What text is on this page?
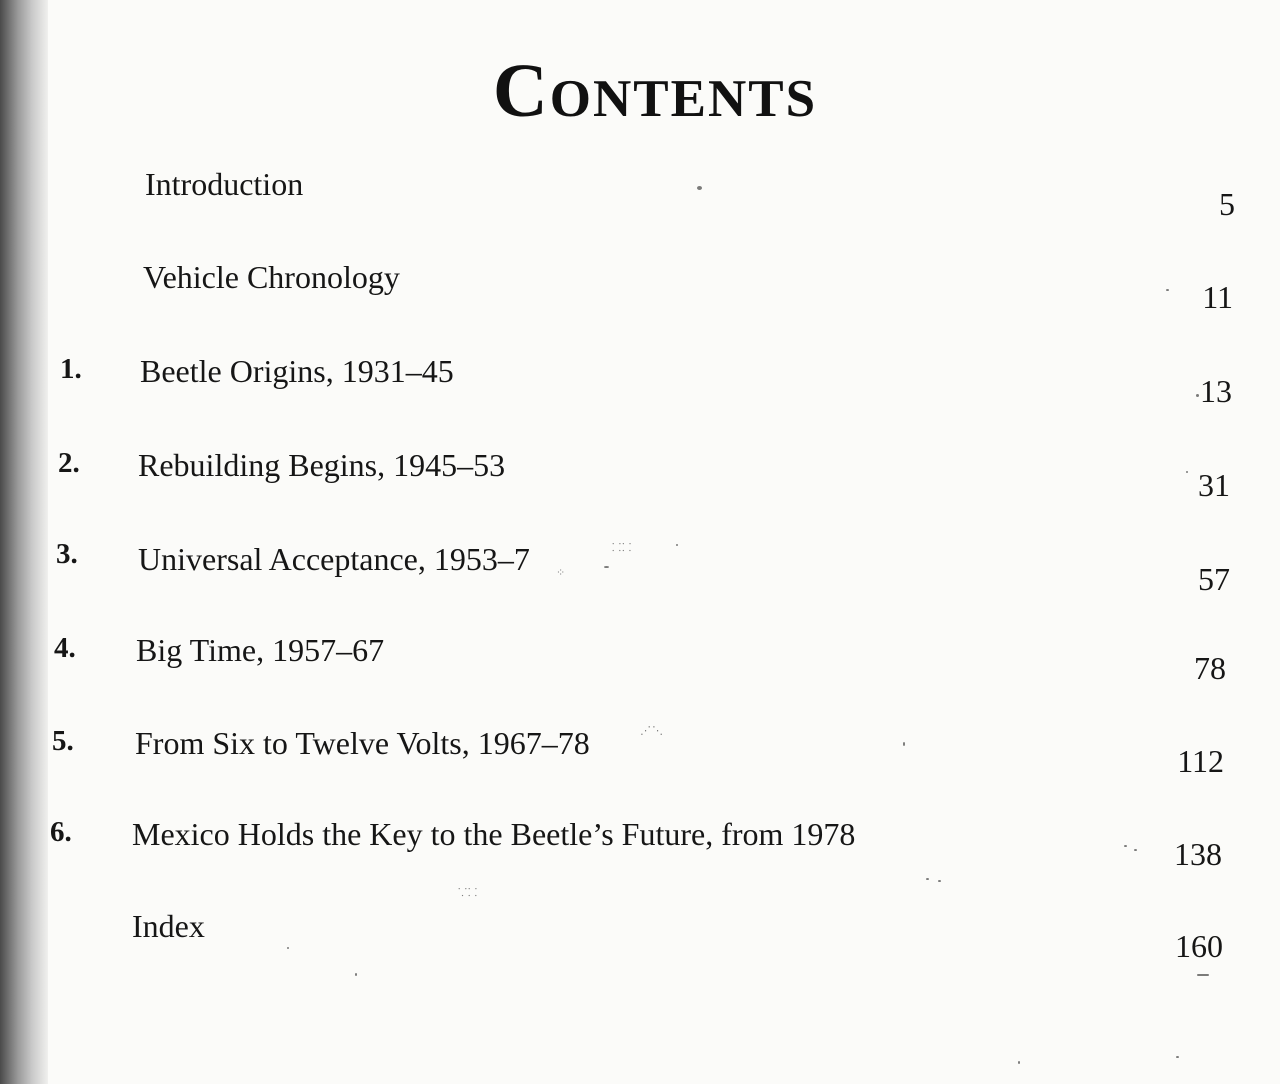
Contents
Introduction
5
Vehicle Chronology
11
1. Beetle Origins, 1931–45
13
2. Rebuilding Begins, 1945–53
31
3. Universal Acceptance, 1953–7
57
4. Big Time, 1957–67	78
5. From Six to Twelve Volts, 1967–78	112
6. Mexico Holds the Key to the Beetle’s Future, from 1978
138
Index
160
⸬⸬
⁘
⋰⋱
⸪⸬
